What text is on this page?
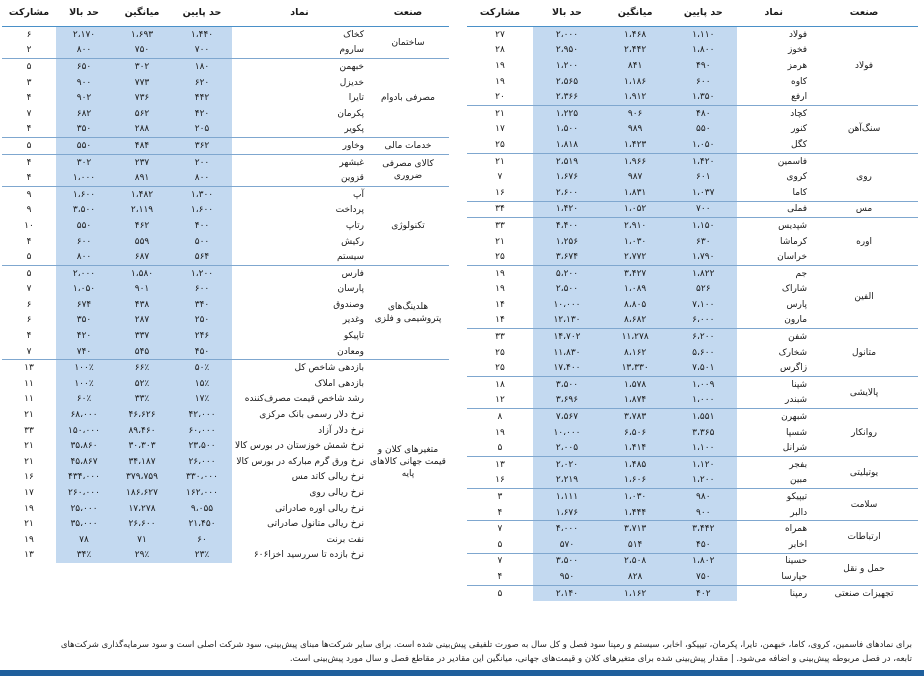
صنعت	نماد	حد پایین	میانگین	حد بالا	مشارکت
فولاد	فولاد	۱،۱۱۰	۱،۴۶۸	۲،۰۰۰	۲۷
	فخوز	۱،۸۰۰	۲،۴۴۲	۲،۹۵۰	۲۸
	هرمز	۴۹۰	۸۴۱	۱،۲۰۰	۱۹
	کاوه	۶۰۰	۱،۱۸۶	۲،۵۶۵	۱۹
	ارفع	۱،۳۵۰	۱،۹۱۲	۲،۳۶۶	۲۰
سنگ‌آهن	کچاد	۴۸۰	۹۰۶	۱،۲۲۵	۲۱
	کنور	۵۵۰	۹۸۹	۱،۵۰۰	۱۷
	کگل	۱،۰۵۰	۱،۴۲۳	۱،۸۱۸	۲۵
روی	فاسمین	۱،۴۲۰	۱،۹۶۶	۲،۵۱۹	۲۱
	کروی	۶۰۱	۹۸۷	۱،۶۷۶	۷
	کاما	۱،۰۳۷	۱،۸۳۱	۲،۶۰۰	۱۶
مس	فملی	۷۰۰	۱،۰۵۲	۱،۴۲۰	۳۴
اوره	شپدیس	۱،۱۵۰	۲،۹۱۰	۴،۴۰۰	۳۳
	کرماشا	۶۳۰	۱،۰۳۰	۱،۲۵۶	۲۱
	خراسان	۱،۷۹۰	۲،۷۷۲	۳،۶۷۴	۲۵
الفین	جم	۱،۸۲۲	۳،۴۲۷	۵،۲۰۰	۱۹
	شاراک	۵۲۶	۱،۰۸۹	۲،۵۰۰	۱۹
	پارس	۷،۱۰۰	۸،۸۰۵	۱۰،۰۰۰	۱۴
	مارون	۶،۰۰۰	۸،۶۸۲	۱۲،۱۳۰	۱۴
متانول	شفن	۶،۲۰۰	۱۱،۲۷۸	۱۴،۷۰۲	۳۳
	شخارک	۵،۶۰۰	۸،۱۶۲	۱۱،۸۳۰	۲۵
	زاگرس	۷،۵۰۱	۱۳،۳۳۰	۱۷،۴۰۰	۲۵
پالایشی	شپنا	۱،۰۰۹	۱،۵۷۸	۳،۵۰۰	۱۸
	شبندر	۱،۰۰۰	۱،۸۷۴	۳،۶۹۶	۱۲
روانکار	شبهرن	۱،۵۵۱	۳،۷۸۳	۷،۵۶۷	۸
	شسپا	۳،۳۶۵	۶،۵۰۶	۱۰،۰۰۰	۱۹
	شرانل	۱،۱۰۰	۱،۴۱۴	۲،۰۰۵	۵
یوتیلیتی	بفجر	۱،۱۲۰	۱،۴۸۵	۲،۰۲۰	۱۳
	مبین	۱،۲۰۰	۱،۶۰۶	۲،۲۱۹	۱۶
سلامت	تیپیکو	۹۸۰	۱،۰۳۰	۱،۱۱۱	۳
	دالبر	۹۰۰	۱،۴۴۴	۱،۶۷۶	۴
ارتباطات	همراه	۳،۴۴۲	۳،۷۱۳	۴،۰۰۰	۷
	اخابر	۴۵۰	۵۱۴	۵۷۰	۵
حمل و نقل	حسینا	۱،۸۰۲	۲،۵۰۸	۳،۵۰۰	۷
	حپارسا	۷۵۰	۸۲۸	۹۵۰	۴
تجهیزات صنعتی	رمپنا	۴۰۲	۱،۱۶۲	۲،۱۴۰	۵
صنعت	نماد	حد پایین	میانگین	حد بالا	مشارکت
ساختمان	کخاک	۱،۴۴۰	۱،۶۹۳	۲،۱۷۰	۶
	ساروم	۷۰۰	۷۵۰	۸۰۰	۲
مصرفی بادوام	خبهمن	۱۸۰	۳۰۲	۶۵۰	۵
	خدیزل	۶۲۰	۷۷۳	۹۰۰	۳
	تایرا	۴۴۲	۷۳۶	۹۰۲	۴
	پکرمان	۴۲۰	۵۶۲	۶۸۲	۷
	پکویر	۲۰۵	۲۸۸	۳۵۰	۴
خدمات مالی	وخاور	۳۶۲	۴۸۴	۵۵۰	۵
کالای مصرفی ضروری	غبشهر	۲۰۰	۲۳۷	۳۰۲	۴
	قزوین	۸۰۰	۸۹۱	۱،۰۰۰	۴
تکنولوژی	آپ	۱،۳۰۰	۱،۴۸۲	۱،۶۰۰	۹
	پرداخت	۱،۶۰۰	۲،۱۱۹	۳،۵۰۰	۹
	رتاپ	۴۰۰	۴۶۲	۵۵۰	۱۰
	رکیش	۵۰۰	۵۵۹	۶۰۰	۴
	سیستم	۵۶۴	۶۸۷	۸۰۰	۵
هلدینگ‌های پتروشیمی و فلزی	فارس	۱،۲۰۰	۱،۵۸۰	۲،۰۰۰	۵
	پارسان	۶۰۰	۹۰۱	۱،۰۵۰	۷
	وصندوق	۳۴۰	۴۳۸	۶۷۴	۶
	وغدیر	۲۵۰	۲۸۷	۳۵۰	۶
	تاپیکو	۲۴۶	۳۳۷	۴۲۰	۴
	ومعادن	۴۵۰	۵۴۵	۷۴۰	۷
متغیرهای کلان و قیمت جهانی کالاهای پایه	بازدهی شاخص کل	۵۰٪	۶۶٪	۱۰۰٪	۱۳
	بازدهی املاک	۱۵٪	۵۲٪	۱۰۰٪	۱۱
	رشد شاخص قیمت مصرف‌کننده	۱۷٪	۳۳٪	۶۰٪	۱۱
	نرخ دلار رسمی بانک مرکزی	۴۲،۰۰۰	۴۶،۶۲۶	۶۸،۰۰۰	۲۱
	نرخ دلار آزاد	۶۰،۰۰۰	۸۹،۴۶۰	۱۵۰،۰۰۰	۳۳
	نرخ شمش خوزستان در بورس کالا	۲۳،۵۰۰	۳۰،۳۰۳	۳۵،۸۶۰	۲۱
	نرخ ورق گرم مبارکه در بورس کالا	۲۶،۰۰۰	۳۴،۱۸۷	۴۵،۸۶۷	۲۱
	نرخ ریالی کاتد مس	۳۳۰،۰۰۰	۳۷۹،۷۵۹	۴۳۴،۰۰۰	۱۶
	نرخ ریالی روی	۱۶۲،۰۰۰	۱۸۶،۶۲۷	۲۶۰،۰۰۰	۱۷
	نرخ ریالی اوره صادراتی	۹،۰۵۵	۱۷،۲۷۸	۲۵،۰۰۰	۱۹
	نرخ ریالی متانول صادراتی	۲۱،۴۵۰	۲۶،۶۰۰	۳۵،۰۰۰	۲۱
	نفت برنت	۶۰	۷۱	۷۸	۱۹
	نرخ بازده تا سررسید اخزا۶۰۶	۲۳٪	۲۹٪	۳۴٪	۱۳
برای نمادهای فاسمین، کروی، کاما، خبهمن، تایرا، پکرمان، تیپیکو، اخابر، سیستم و رمپنا سود فصل و کل سال به صورت تلفیقی پیش‌بینی شده است. برای سایر شرکت‌ها مبنای پیش‌بینی، سود شرکت اصلی است و سود سرمایه‌گذاری شرکت‌های
تابعه، در فصل مربوطه پیش‌بینی و اضافه می‌شود. | مقدار پیش‌بینی شده برای متغیرهای کلان و قیمت‌های جهانی، میانگین این مقادیر در مقاطع فصل و سال مورد پیش‌بینی است.
